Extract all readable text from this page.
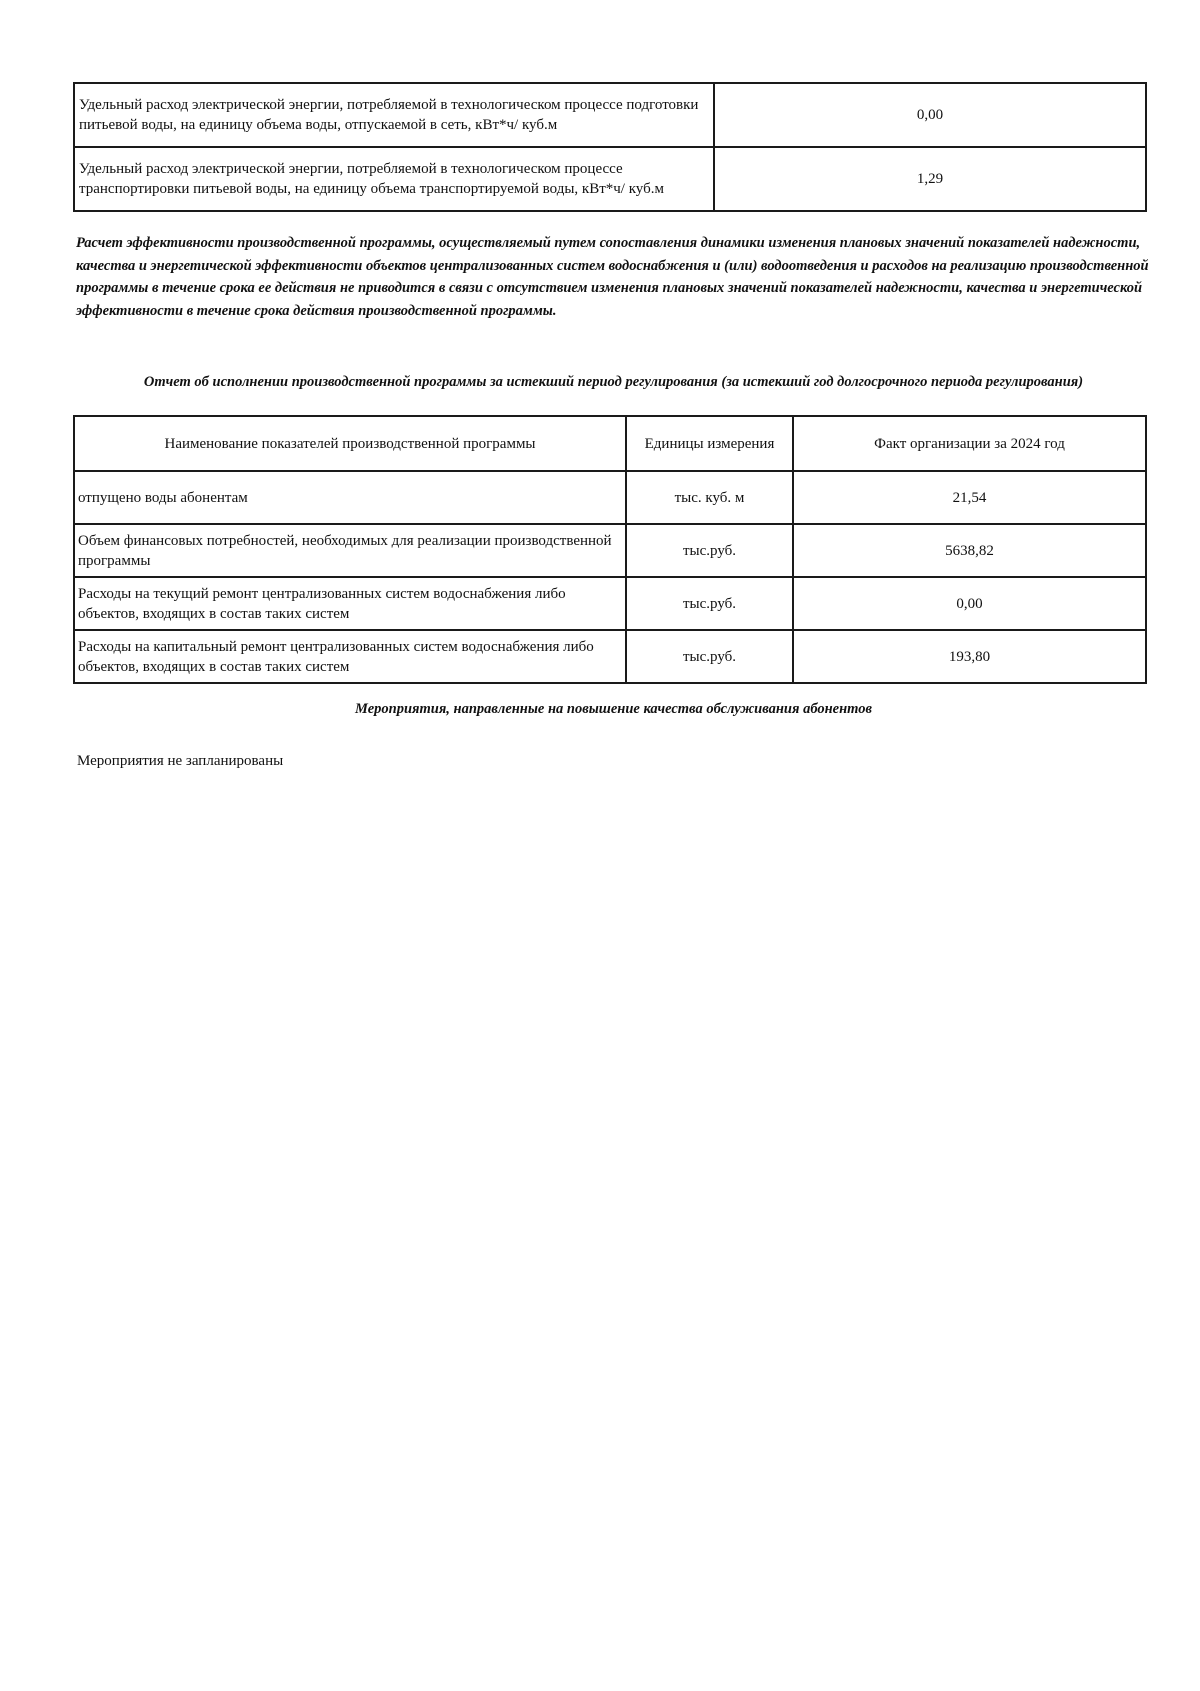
Удельный расход электрической энергии, потребляемой в технологическом процессе подготовки питьевой воды, на единицу объема воды, отпускаемой в сеть, кВт*ч/ куб.м	0,00
Удельный расход электрической энергии, потребляемой в технологическом процессе транспортировки питьевой воды, на единицу объема транспортируемой воды, кВт*ч/ куб.м	1,29
Расчет эффективности производственной программы, осуществляемый путем сопоставления динамики изменения плановых значений показателей надежности, качества и энергетической эффективности объектов централизованных систем водоснабжения и (или) водоотведения и расходов на реализацию производственной программы в течение срока ее действия не приводится в связи с отсутствием изменения плановых значений показателей надежности, качества и энергетической эффективности в течение срока действия производственной программы.
Отчет об исполнении производственной программы за истекший период регулирования (за истекший год долгосрочного периода регулирования)
Наименование показателей производственной программы	Единицы измерения	Факт организации за 2024 год
отпущено воды абонентам	тыс. куб. м	21,54
Объем финансовых потребностей, необходимых для реализации производственной программы	тыс.руб.	5638,82
Расходы на текущий ремонт централизованных систем водоснабжения либо объектов, входящих в состав таких систем	тыс.руб.	0,00
Расходы на капитальный ремонт централизованных систем водоснабжения либо объектов, входящих в состав таких систем	тыс.руб.	193,80
Мероприятия, направленные на повышение качества обслуживания абонентов
Мероприятия не запланированы
